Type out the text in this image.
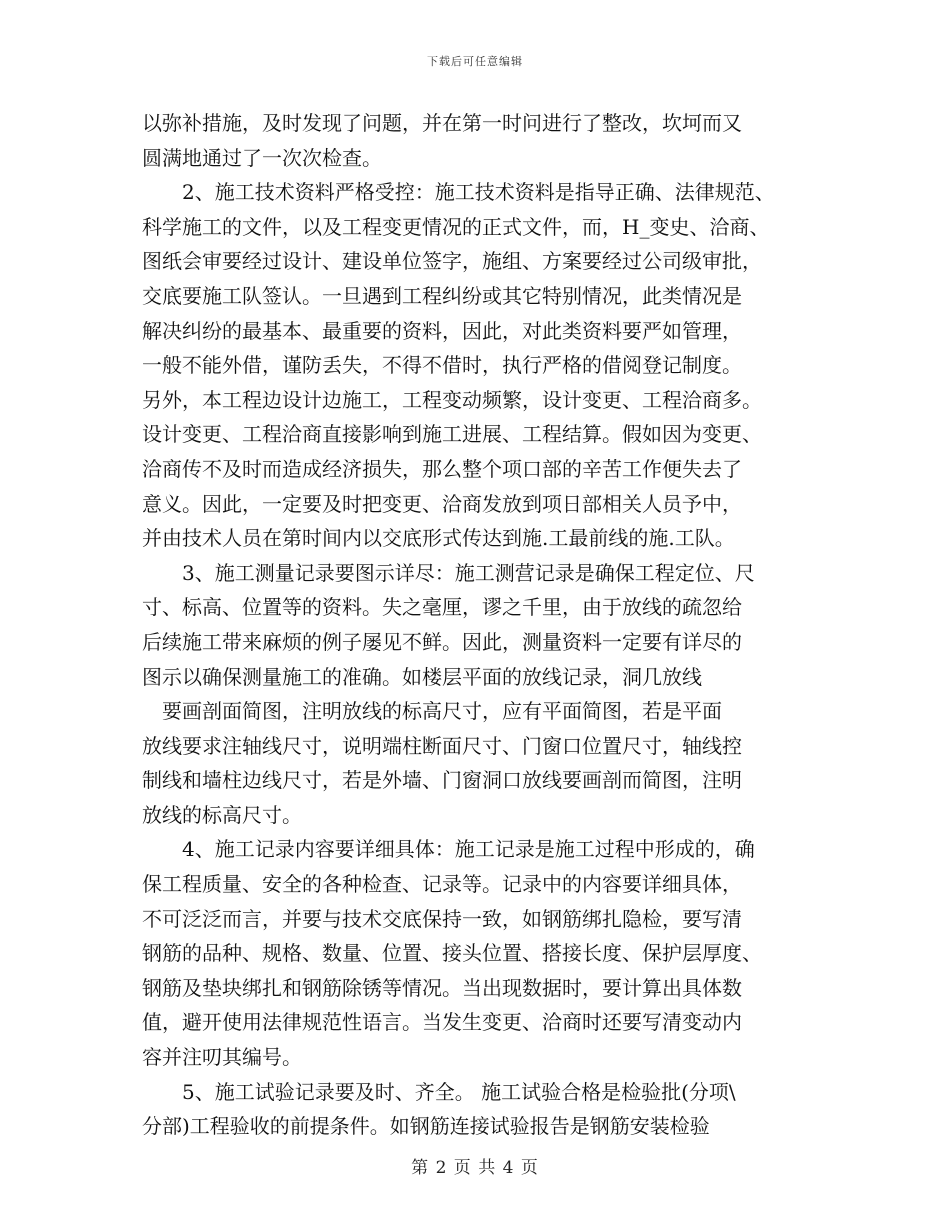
下载后可任意编辑
以弥补措施，及时发现了问题，并在第一时问进行了整改，坎坷而又
圆满地通过了一次次检查。
2、施工技术资料严格受控：施工技术资料是指导正确、法律规范、
科学施工的文件，以及工程变更情况的正式文件，而，H_变史、洽商、
图纸会审要经过设计、建设单位签字，施组、方案要经过公司级审批，
交底要施工队签认。一旦遇到工程纠纷或其它特别情况，此类情况是
解决纠纷的最基本、最重要的资料，因此，对此类资料要严如管理，
一般不能外借，谨防丢失，不得不借时，执行严格的借阅登记制度。
另外，本工程边设计边施工，工程变动频繁，设计变更、工程洽商多。
设计变更、工程洽商直接影响到施工进展、工程结算。假如因为变更、
洽商传不及时而造成经济损失，那么整个项口部的辛苦工作便失去了
意义。因此，一定要及时把变更、洽商发放到项日部相关人员予中，
并由技术人员在第时间内以交底形式传达到施.工最前线的施.工队。
3、施工测量记录要图示详尽：施工测营记录是确保工程定位、尺
寸、标高、位置等的资料。失之毫厘，谬之千里，由于放线的疏忽给
后续施工带来麻烦的例子屡见不鲜。因此，测量资料一定要有详尽的
图示以确保测量施工的准确。如楼层平面的放线记录，洞几放线
要画剖面简图，注明放线的标高尺寸，应有平面简图，若是平面
放线要求注轴线尺寸，说明端柱断面尺寸、门窗口位置尺寸，轴线控
制线和墙柱边线尺寸，若是外墙、门窗洞口放线要画剖而简图，注明
放线的标高尺寸。
4、施工记录内容要详细具体：施工记录是施工过程中形成的，确
保工程质量、安全的各种检查、记录等。记录中的内容要详细具体，
不可泛泛而言，并要与技术交底保持一致，如钢筋绑扎隐检，要写清
钢筋的品种、规格、数量、位置、接头位置、搭接长度、保护层厚度、
钢筋及垫块绑扎和钢筋除锈等情况。当出现数据时，要计算出具体数
值，避开使用法律规范性语言。当发生变更、洽商时还要写清变动内
容并注叨其编号。
5、施工试验记录要及时、齐全。 施工试验合格是检验批(分项\
分部)工程验收的前提条件。如钢筋连接试验报告是钢筋安装检验
第 2 页 共 4 页
